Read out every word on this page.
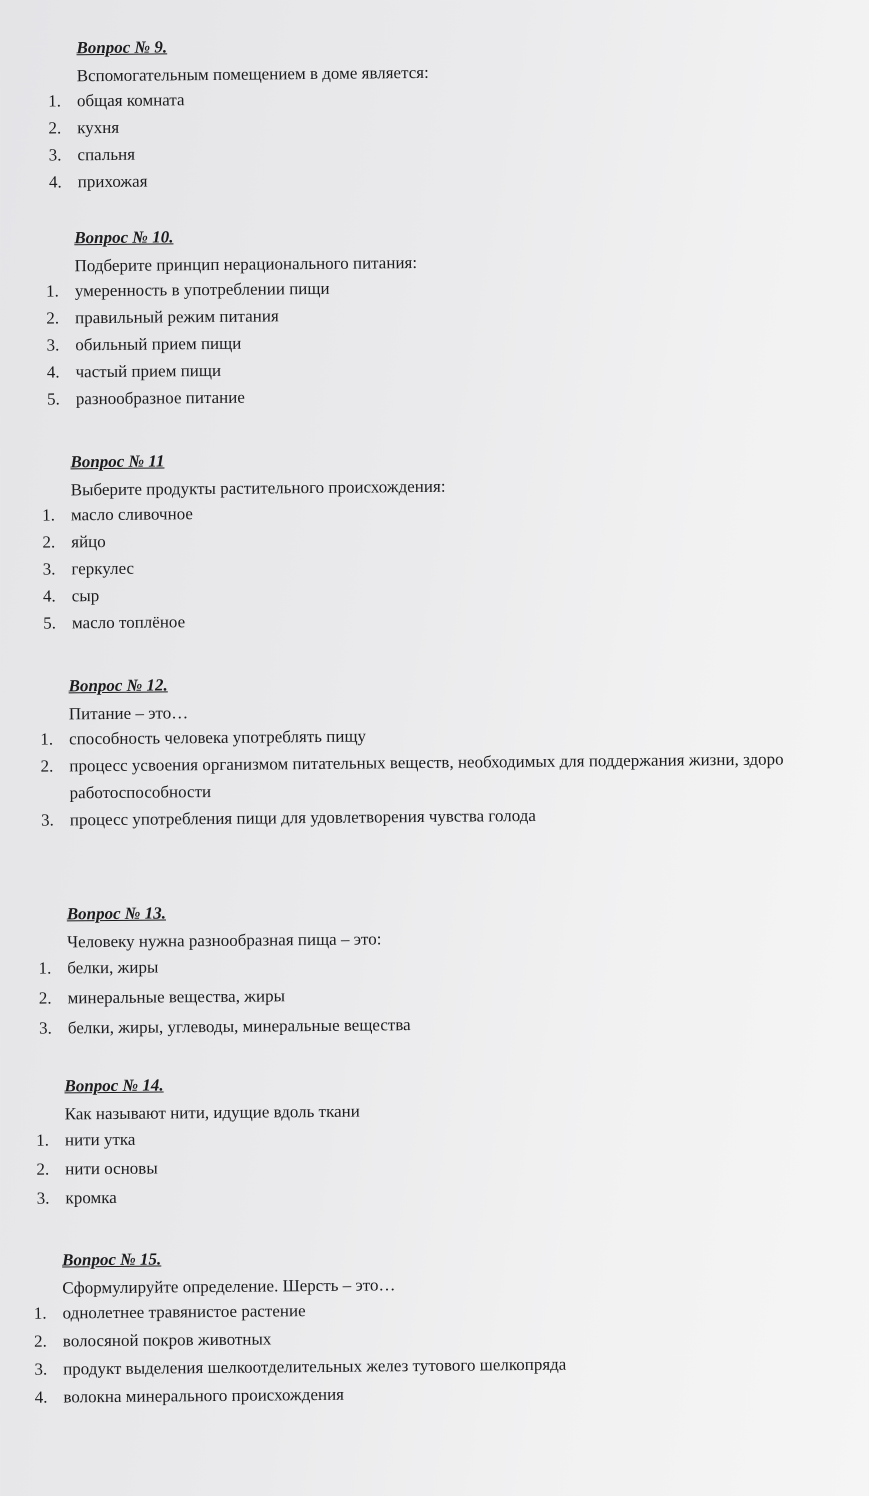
Вопрос № 9.
Вспомогательным помещением в доме является:
1. общая комната
2. кухня
3. спальня
4. прихожая
Вопрос № 10.
Подберите принцип нерационального питания:
1. умеренность в употреблении пищи
2. правильный режим питания
3. обильный прием пищи
4. частый прием пищи
5. разнообразное питание
Вопрос № 11
Выберите продукты растительного происхождения:
1. масло сливочное
2. яйцо
3. геркулес
4. сыр
5. масло топлёное
Вопрос № 12.
Питание – это…
1. способность человека употреблять пищу
2. процесс усвоения организмом питательных веществ, необходимых для поддержания жизни, здоро
работоспособности
3. процесс употребления пищи для удовлетворения чувства голода
Вопрос № 13.
Человеку нужна разнообразная пища – это:
1. белки, жиры
2. минеральные вещества, жиры
3. белки, жиры, углеводы, минеральные вещества
Вопрос № 14.
Как называют нити, идущие вдоль ткани
1. нити утка
2. нити основы
3. кромка
Вопрос № 15.
Сформулируйте определение. Шерсть – это…
1. однолетнее травянистое растение
2. волосяной покров животных
3. продукт выделения шелкоотделительных желез тутового шелкопряда
4. волокна минерального происхождения
